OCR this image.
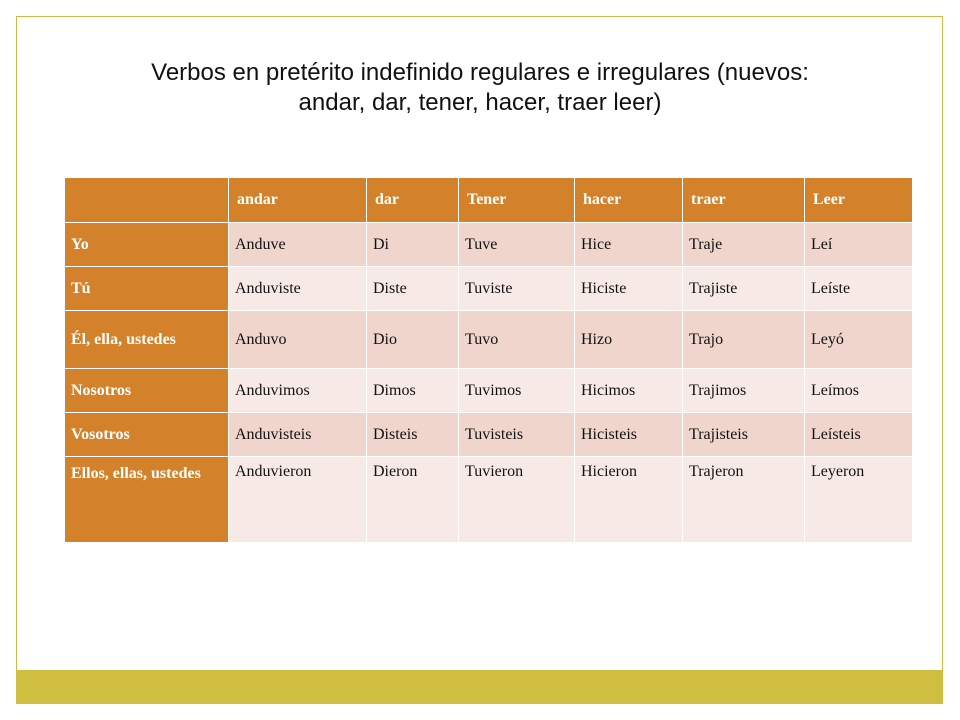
Verbos en pretérito indefinido regulares e irregulares (nuevos:
andar, dar, tener, hacer, traer leer)
	andar	dar	Tener	hacer	traer	Leer
Yo	Anduve	Di	Tuve	Hice	Traje	Leí
Tú	Anduviste	Diste	Tuviste	Hiciste	Trajiste	Leíste
Él, ella, ustedes	Anduvo	Dio	Tuvo	Hizo	Trajo	Leyó
Nosotros	Anduvimos	Dimos	Tuvimos	Hicimos	Trajimos	Leímos
Vosotros	Anduvisteis	Disteis	Tuvisteis	Hicisteis	Trajisteis	Leísteis
Ellos, ellas, ustedes	Anduvieron	Dieron	Tuvieron	Hicieron	Trajeron	Leyeron
